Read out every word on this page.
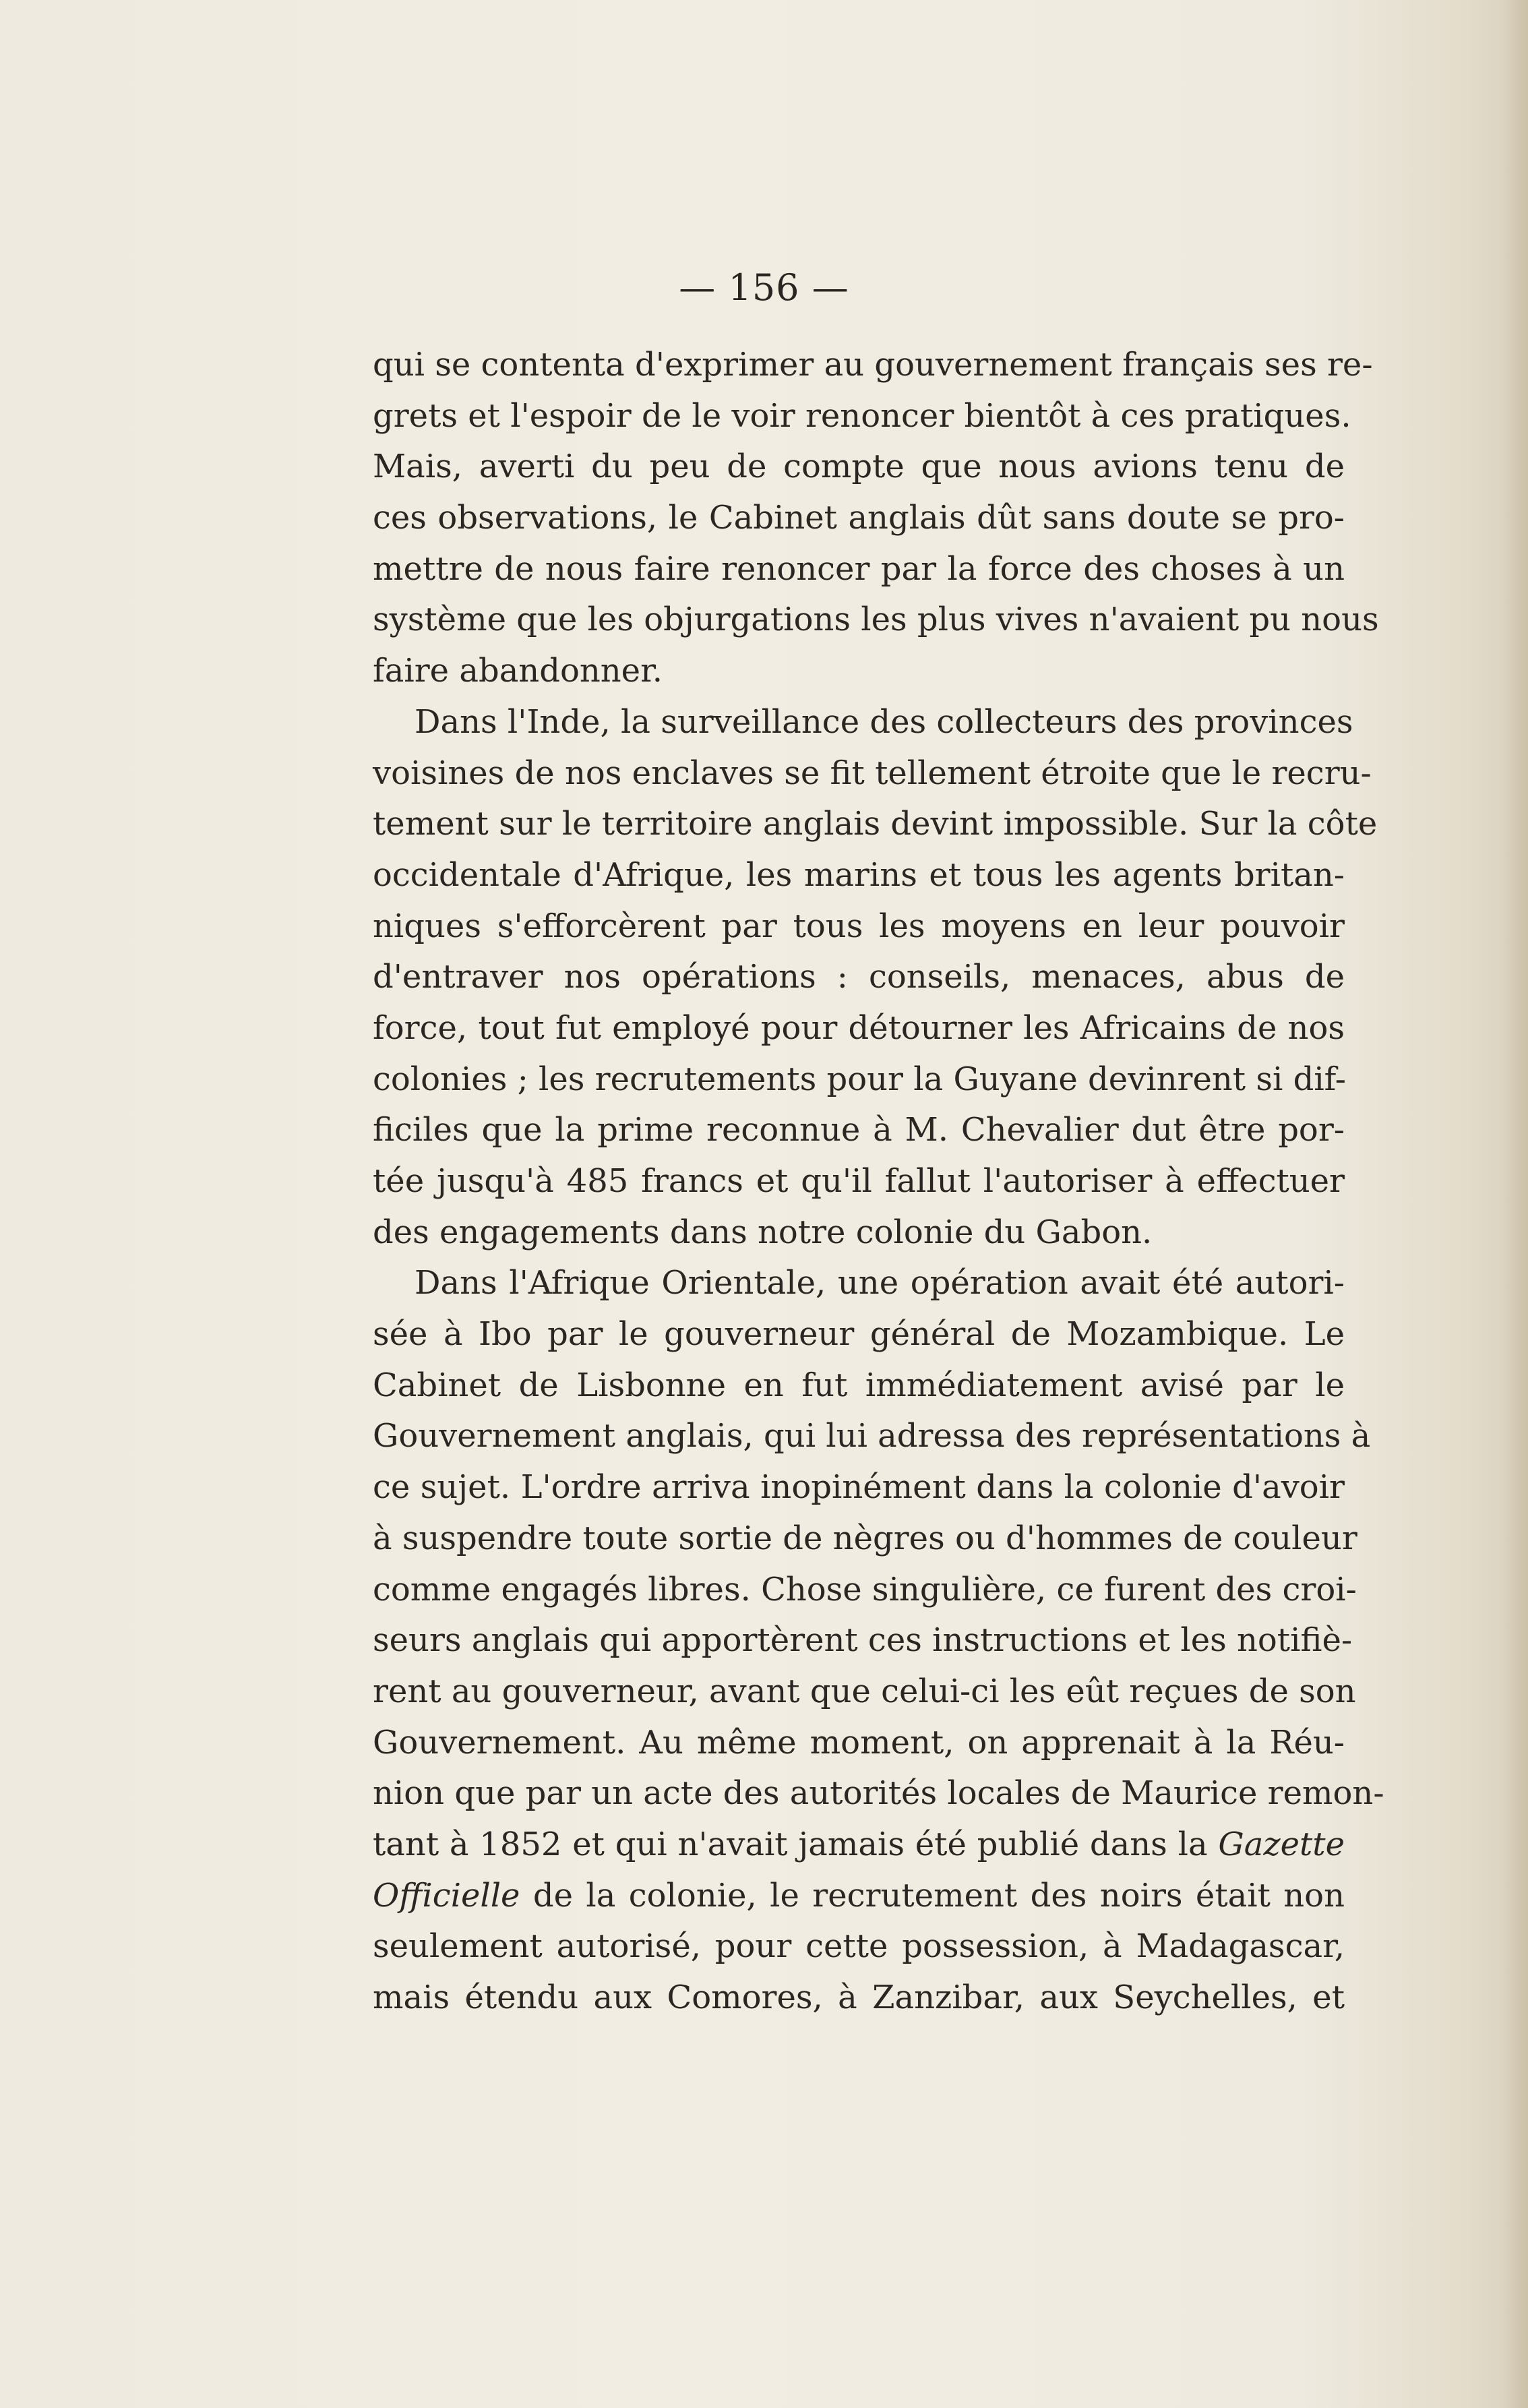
— 156 —
qui se contenta d'exprimer au gouvernement français ses re-
grets et l'espoir de le voir renoncer bientôt à ces pratiques.
Mais, averti du peu de compte que nous avions tenu de
ces observations, le Cabinet anglais dût sans doute se pro-
mettre de nous faire renoncer par la force des choses à un
système que les objurgations les plus vives n'avaient pu nous
faire abandonner.
Dans l'Inde, la surveillance des collecteurs des provinces
voisines de nos enclaves se fit tellement étroite que le recru-
tement sur le territoire anglais devint impossible. Sur la côte
occidentale d'Afrique, les marins et tous les agents britan-
niques s'efforcèrent par tous les moyens en leur pouvoir
d'entraver nos opérations : conseils, menaces, abus de
force, tout fut employé pour détourner les Africains de nos
colonies ; les recrutements pour la Guyane devinrent si dif-
ficiles que la prime reconnue à M. Chevalier dut être por-
tée jusqu'à 485 francs et qu'il fallut l'autoriser à effectuer
des engagements dans notre colonie du Gabon.
Dans l'Afrique Orientale, une opération avait été autori-
sée à Ibo par le gouverneur général de Mozambique. Le
Cabinet de Lisbonne en fut immédiatement avisé par le
Gouvernement anglais, qui lui adressa des représentations à
ce sujet. L'ordre arriva inopinément dans la colonie d'avoir
à suspendre toute sortie de nègres ou d'hommes de couleur
comme engagés libres. Chose singulière, ce furent des croi-
seurs anglais qui apportèrent ces instructions et les notifiè-
rent au gouverneur, avant que celui-ci les eût reçues de son
Gouvernement. Au même moment, on apprenait à la Réu-
nion que par un acte des autorités locales de Maurice remon-
tant à 1852 et qui n'avait jamais été publié dans la Gazette
Officielle de la colonie, le recrutement des noirs était non
seulement autorisé, pour cette possession, à Madagascar,
mais étendu aux Comores, à Zanzibar, aux Seychelles, et
